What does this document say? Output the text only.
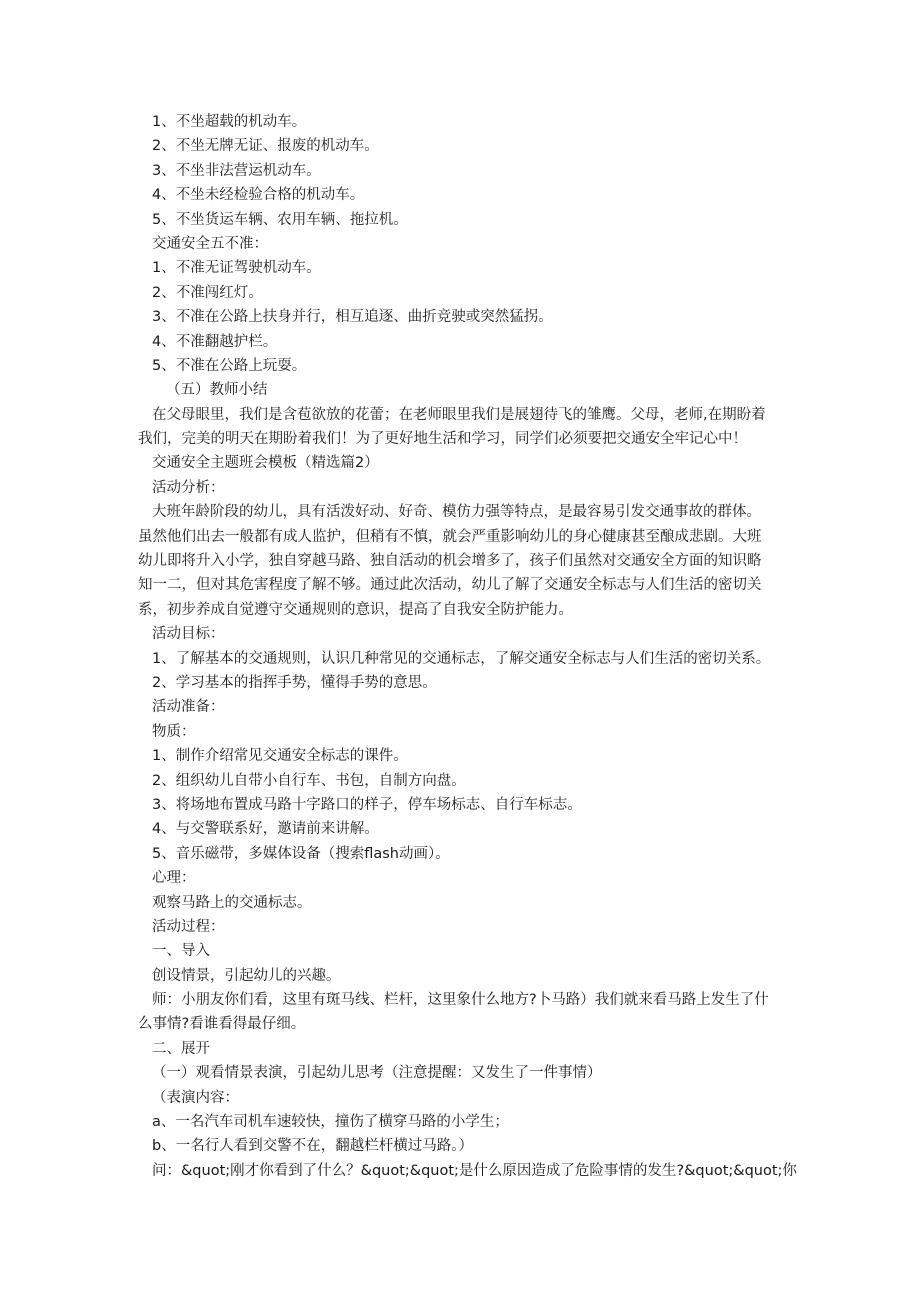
1、不坐超载的机动车。
2、不坐无牌无证、报废的机动车。
3、不坐非法营运机动车。
4、不坐未经检验合格的机动车。
5、不坐货运车辆、农用车辆、拖拉机。
交通安全五不准：
1、不准无证驾驶机动车。
2、不准闯红灯。
3、不准在公路上扶身并行，相互追逐、曲折竞驶或突然猛拐。
4、不准翻越护栏。
5、不准在公路上玩耍。
（五）教师小结
在父母眼里，我们是含苞欲放的花蕾；在老师眼里我们是展翅待飞的雏鹰。父母，老师,在期盼着
我们，完美的明天在期盼着我们！为了更好地生活和学习，同学们必须要把交通安全牢记心中！
交通安全主题班会模板（精选篇2）
活动分析：
大班年龄阶段的幼儿，具有活泼好动、好奇、模仿力强等特点，是最容易引发交通事故的群体。
虽然他们出去一般都有成人监护，但稍有不慎，就会严重影响幼儿的身心健康甚至酿成悲剧。大班
幼儿即将升入小学，独自穿越马路、独自活动的机会增多了，孩子们虽然对交通安全方面的知识略
知一二，但对其危害程度了解不够。通过此次活动，幼儿了解了交通安全标志与人们生活的密切关
系，初步养成自觉遵守交通规则的意识，提高了自我安全防护能力。
活动目标：
1、了解基本的交通规则，认识几种常见的交通标志，了解交通安全标志与人们生活的密切关系。
2、学习基本的指挥手势，懂得手势的意思。
活动准备：
物质：
1、制作介绍常见交通安全标志的课件。
2、组织幼儿自带小自行车、书包，自制方向盘。
3、将场地布置成马路十字路口的样子，停车场标志、自行车标志。
4、与交警联系好，邀请前来讲解。
5、音乐磁带，多媒体设备（搜索flash动画）。
心理：
观察马路上的交通标志。
活动过程：
一、导入
创设情景，引起幼儿的兴趣。
师：小朋友你们看，这里有斑马线、栏杆，这里象什么地方?卜马路）我们就来看马路上发生了什
么事情?看谁看得最仔细。
二、展开
（一）观看情景表演，引起幼儿思考（注意提醒：又发生了一件事情）
（表演内容：
a、一名汽车司机车速较快，撞伤了横穿马路的小学生；
b、一名行人看到交警不在，翻越栏杆横过马路。）
问：&quot;刚才你看到了什么？&quot;&quot;是什么原因造成了危险事情的发生?&quot;&quot;你
